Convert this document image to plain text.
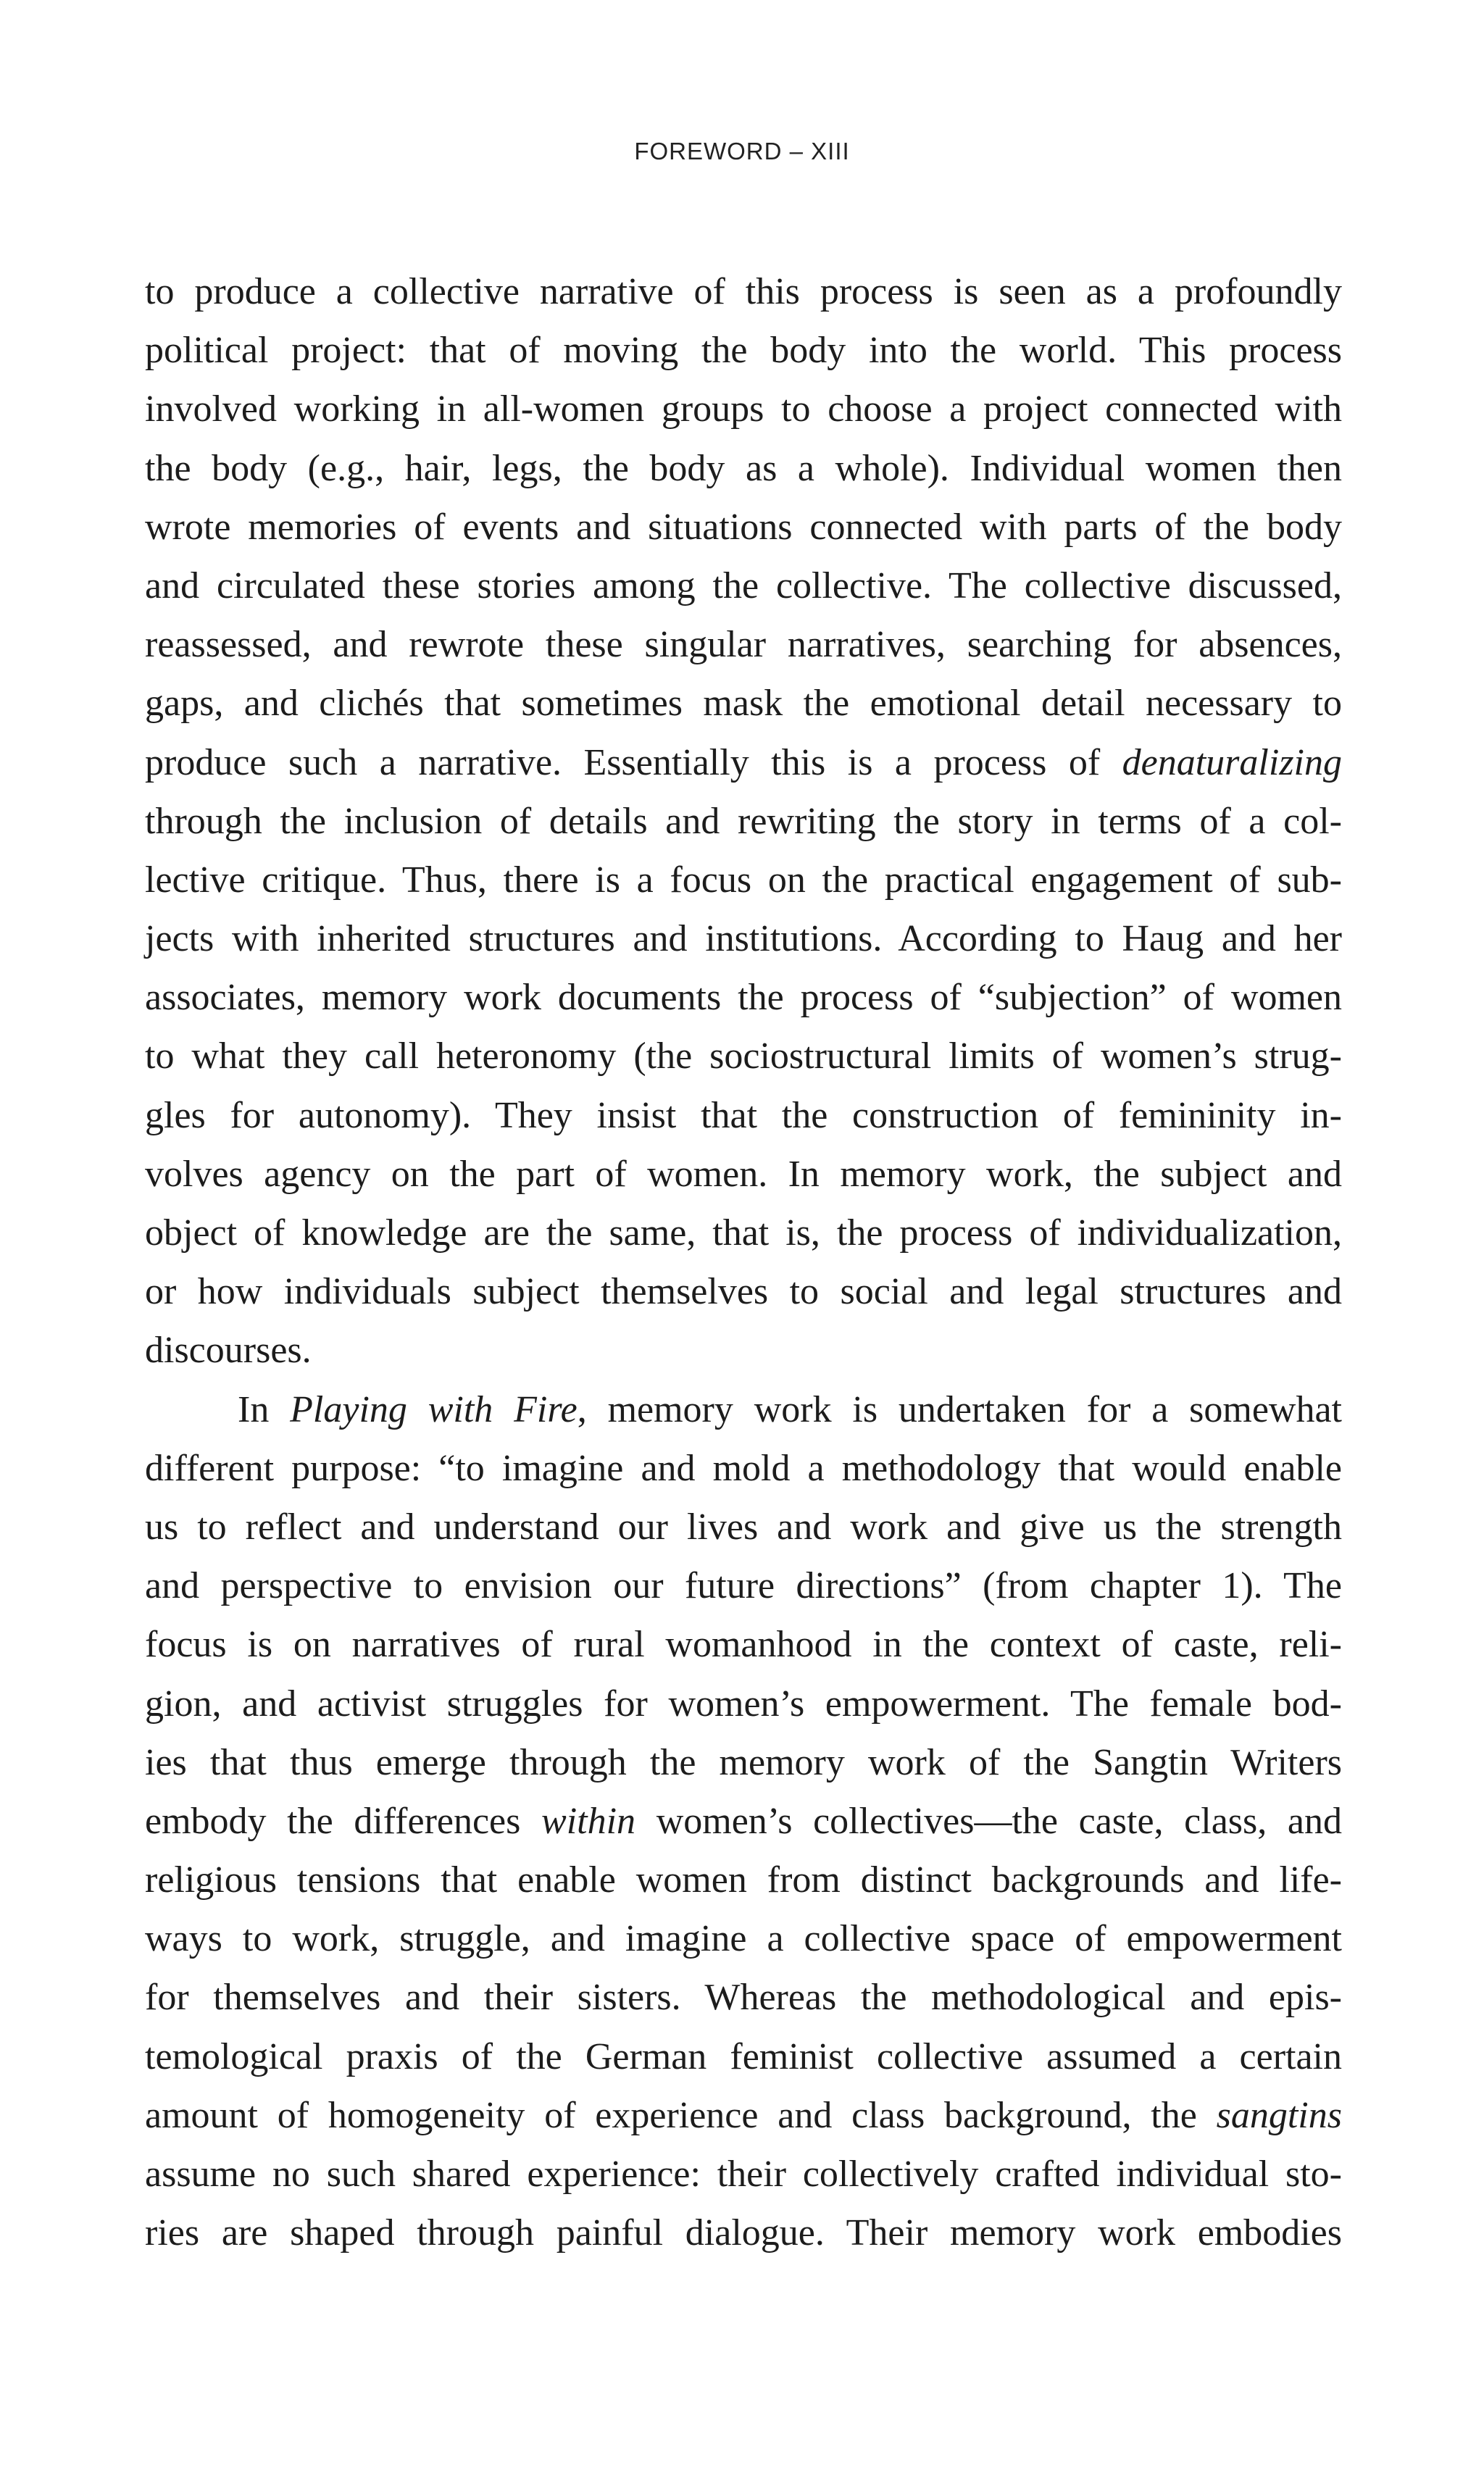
FOREWORD – XIII
to produce a collective narrative of this process is seen as a profoundly
political project: that of moving the body into the world. This process
involved working in all-women groups to choose a project connected with
the body (e.g., hair, legs, the body as a whole). Individual women then
wrote memories of events and situations connected with parts of the body
and circulated these stories among the collective. The collective discussed,
reassessed, and rewrote these singular narratives, searching for absences,
gaps, and clichés that sometimes mask the emotional detail necessary to
produce such a narrative. Essentially this is a process of denaturalizing
through the inclusion of details and rewriting the story in terms of a col-
lective critique. Thus, there is a focus on the practical engagement of sub-
jects with inherited structures and institutions. According to Haug and her
associates, memory work documents the process of “subjection” of women
to what they call heteronomy (the sociostructural limits of women’s strug-
gles for autonomy). They insist that the construction of femininity in-
volves agency on the part of women. In memory work, the subject and
object of knowledge are the same, that is, the process of individualization,
or how individuals subject themselves to social and legal structures and
discourses.
In Playing with Fire, memory work is undertaken for a somewhat
different purpose: “to imagine and mold a methodology that would enable
us to reflect and understand our lives and work and give us the strength
and perspective to envision our future directions” (from chapter 1). The
focus is on narratives of rural womanhood in the context of caste, reli-
gion, and activist struggles for women’s empowerment. The female bod-
ies that thus emerge through the memory work of the Sangtin Writers
embody the differences within women’s collectives—the caste, class, and
religious tensions that enable women from distinct backgrounds and life-
ways to work, struggle, and imagine a collective space of empowerment
for themselves and their sisters. Whereas the methodological and epis-
temological praxis of the German feminist collective assumed a certain
amount of homogeneity of experience and class background, the sangtins
assume no such shared experience: their collectively crafted individual sto-
ries are shaped through painful dialogue. Their memory work embodies
